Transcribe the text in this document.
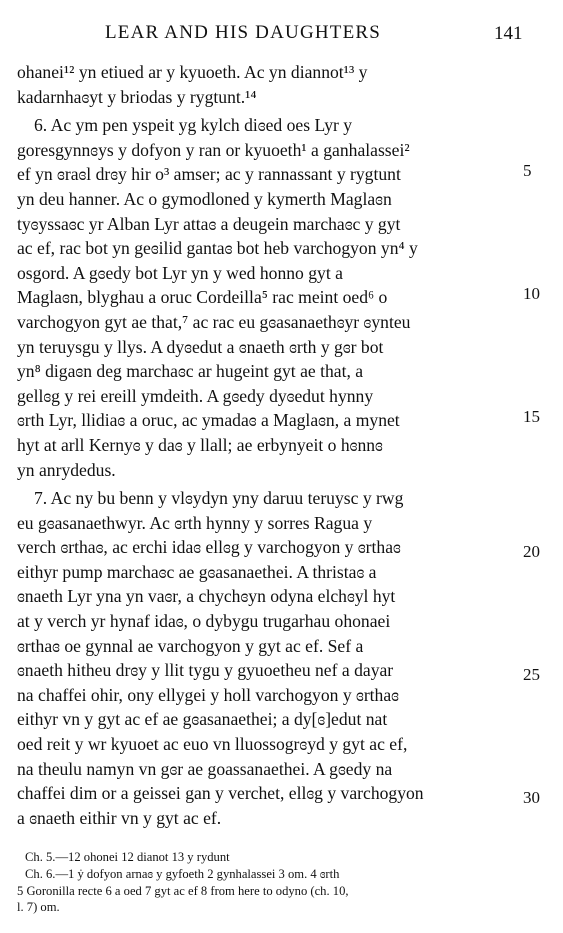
LEAR AND HIS DAUGHTERS	141
ohanei¹² yn etiued ar y kyuoeth. Ac yn diannot¹³ y
kadarnhaɞyt y briodas y rygtunt.¹⁴
6. Ac ym pen yspeit yg kylch diɞed oes Lyr y
goresgynnɞys y dofyon y ran or kyuoeth¹ a ganhalassei²
ef yn ɞraɞl drɞy hir o³ amser; ac y rannassant y rygtunt
yn deu hanner. Ac o gymodloned y kymerth Maglaɞn
tyɞyssaɞc yr Alban Lyr attaɞ a deugein marchaɞc y gyt
ac ef, rac bot yn geɞilid gantaɞ bot heb varchogyon yn⁴ y
osgord. A gɞedy bot Lyr yn y wed honno gyt a
Maglaɞn, blyghau a oruc Cordeilla⁵ rac meint oed⁶ o
varchogyon gyt ae that,⁷ ac rac eu gɞasanaethɞyr ɞynteu
yn teruysgu y llys. A dyɞedut a ɞnaeth ɞrth y gɞr bot
yn⁸ digaɞn deg marchaɞc ar hugeint gyt ae that, a
gellɞg y rei ereill ymdeith. A gɞedy dyɞedut hynny
ɞrth Lyr, llidiaɞ a oruc, ac ymadaɞ a Maglaɞn, a mynet
hyt at arll Kernyɞ y daɞ y llall; ae erbynyeit o hɞnnɞ
yn anrydedus.
7. Ac ny bu benn y vlɞydyn yny daruu teruysc y rwg
eu gɞasanaethwyr. Ac ɞrth hynny y sorres Ragua y
verch ɞrthaɞ, ac erchi idaɞ ellɞg y varchogyon y ɞrthaɞ
eithyr pump marchaɞc ae gɞasanaethei. A thristaɞ a
ɞnaeth Lyr yna yn vaɞr, a chychɞyn odyna elchɞyl hyt
at y verch yr hynaf idaɞ, o dybygu trugarhau ohonaei
ɞrthaɞ oe gynnal ae varchogyon y gyt ac ef. Sef a
ɞnaeth hitheu drɞy y llit tygu y gyuoetheu nef a dayar
na chaffei ohir, ony ellygei y holl varchogyon y ɞrthaɞ
eithyr vn y gyt ac ef ae gɞasanaethei; a dy[ɞ]edut nat
oed reit y wr kyuoet ac euo vn lluossogrɞyd y gyt ac ef,
na theulu namyn vn gɞr ae goassanaethei. A gɞedy na
chaffei dim or a geissei gan y verchet, ellɞg y varchogyon
a ɞnaeth eithir vn y gyt ac ef.
5
10
15
20
25
30
Ch. 5.—12 ohonei 12 dianot 13 y rydunt
Ch. 6.—1 ẏ dofyon arnaɞ y gyfoeth 2 gynhalassei 3 om. 4 ɞrth
5 Goronilla recte 6 a oed 7 gyt ac ef 8 from here to odyno (ch. 10,
l. 7) om.
